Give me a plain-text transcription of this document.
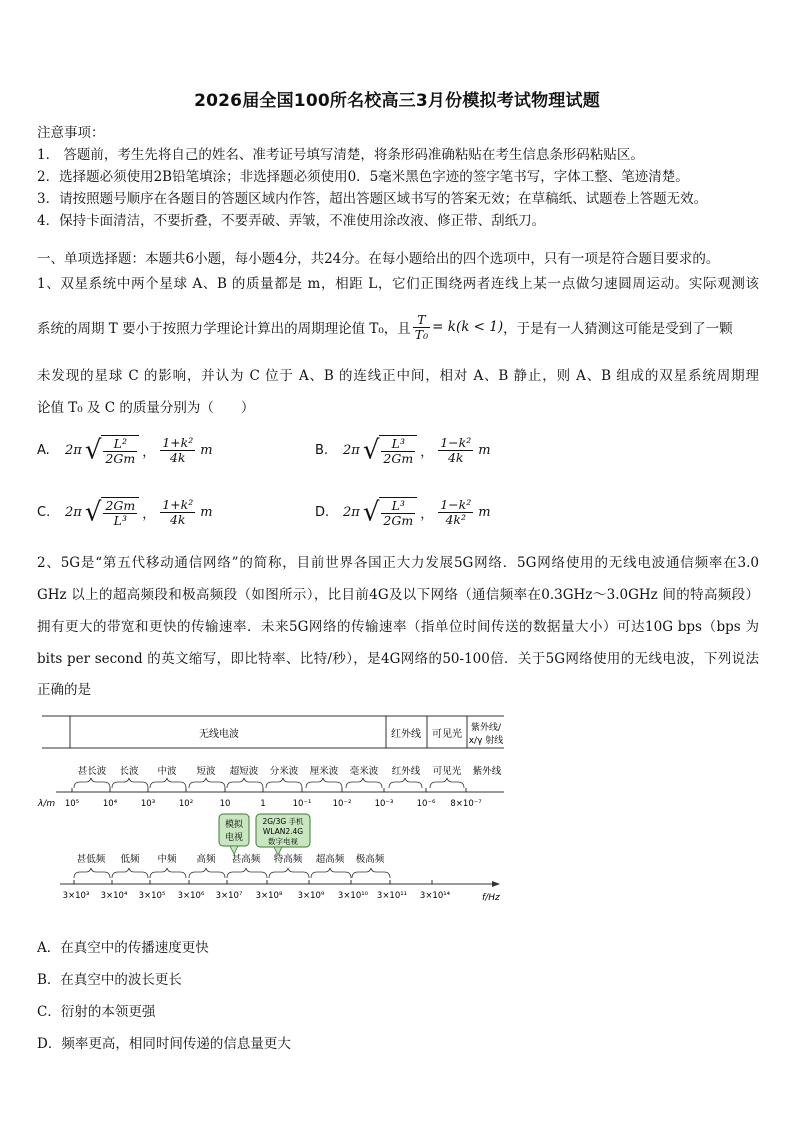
2026届全国100所名校高三3月份模拟考试物理试题
注意事项：
1． 答题前，考生先将自己的姓名、准考证号填写清楚，将条形码准确粘贴在考生信息条形码粘贴区。
2．选择题必须使用2B铅笔填涂；非选择题必须使用0．5毫米黑色字迹的签字笔书写，字体工整、笔迹清楚。
3．请按照题号顺序在各题目的答题区域内作答，超出答题区域书写的答案无效；在草稿纸、试题卷上答题无效。
4．保持卡面清洁，不要折叠，不要弄破、弄皱，不准使用涂改液、修正带、刮纸刀。
一、单项选择题：本题共6小题，每小题4分，共24分。在每小题给出的四个选项中，只有一项是符合题目要求的。
1、双星系统中两个星球 A、B 的质量都是 m，相距 L，它们正围绕两者连线上某一点做匀速圆周运动。实际观测该
系统的周期 T 要小于按照力学理论计算出的周期理论值 T₀，且 $\frac{T}{\text{T₀}} = k(k < 1)$ ，于是有一人猜测这可能是受到了一颗
未发现的星球 C 的影响，并认为 C 位于 A、B 的连线正中间，相对 A、B 静止，则 A、B 组成的双星系统周期理
论值 T₀ 及 C 的质量分别为（　　）
A.	2π √ $\frac{\text{L²}}{2Gm}$ ， $\frac{\text{1+k²}}{4k}$ m	B.	2π √ $\frac{\text{L³}}{2Gm}$ ， $\frac{\text{1−k²}}{4k}$ m
C.	2π √ $\frac{2Gm}{\text{L³}}$ ， $\frac{\text{1+k²}}{4k}$ m	D.	2π √ $\frac{\text{L³}}{2Gm}$ ， $\frac{\text{1−k²}}{\text{4k²}}$ m
2、5G是“第五代移动通信网络”的简称，目前世界各国正大力发展5G网络．5G网络使用的无线电波通信频率在3.0
GHz 以上的超高频段和极高频段（如图所示），比目前4G及以下网络（通信频率在0.3GHz～3.0GHz 间的特高频段）
拥有更大的带宽和更快的传输速率．未来5G网络的传输速率（指单位时间传送的数据量大小）可达10G bps（bps 为
bits per second 的英文缩写，即比特率、比特/秒），是4G网络的50-100倍．关于5G网络使用的无线电波，下列说法
正确的是
无线电波	红外线 可见光
紫外线/
x/γ 射线
甚长波 长波 中波 短波 超短波 分米波 厘米波 毫米波 红外线 可见光 紫外线
λ/m 10⁵	10⁴	10³	10²	10	1	10⁻¹	10⁻²	10⁻³	10⁻⁶ 8×10⁻⁷
模拟
电视
2G/3G 手机
WLAN2.4G
数字电视
甚低频 低频 中频 高频 甚高频 特高频 超高频 极高频
3×10³ 3×10⁴ 3×10⁵ 3×10⁶ 3×10⁷ 3×10⁸ 3×10⁹ 3×10¹⁰ 3×10¹¹ 3×10¹⁴	f/Hz
A．在真空中的传播速度更快
B．在真空中的波长更长
C．衍射的本领更强
D．频率更高，相同时间传递的信息量更大
